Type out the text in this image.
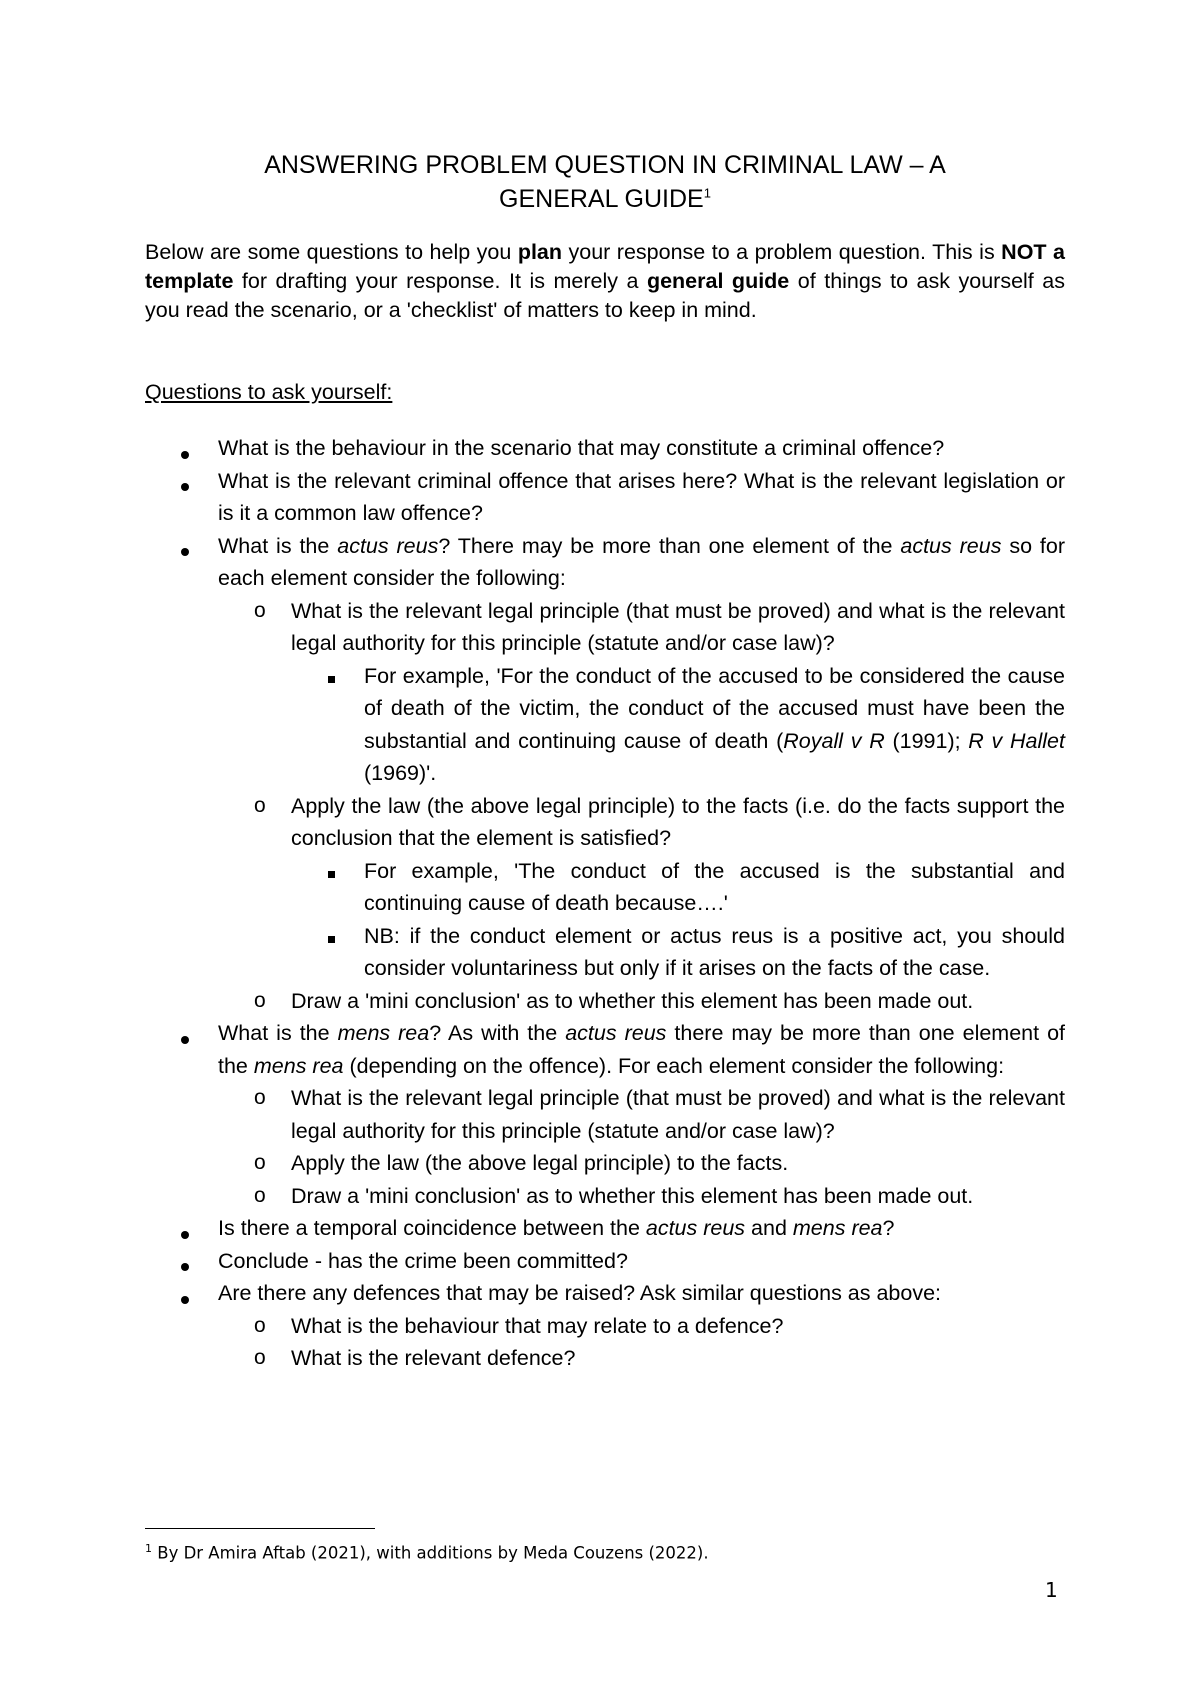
ANSWERING PROBLEM QUESTION IN CRIMINAL LAW – A
GENERAL GUIDE$^1$
Below are some questions to help you plan your response to a problem question. This is NOT a template for drafting your response. It is merely a general guide of things to ask yourself as you read the scenario, or a 'checklist' of matters to keep in mind.
Questions to ask yourself:
What is the behaviour in the scenario that may constitute a criminal offence?
What is the relevant criminal offence that arises here? What is the relevant legislation or is it a common law offence?
What is the actus reus? There may be more than one element of the actus reus so for each element consider the following:
o What is the relevant legal principle (that must be proved) and what is the relevant legal authority for this principle (statute and/or case law)?
For example, 'For the conduct of the accused to be considered the cause of death of the victim, the conduct of the accused must have been the substantial and continuing cause of death (Royall v R (1991); R v Hallet (1969)'.
o Apply the law (the above legal principle) to the facts (i.e. do the facts support the conclusion that the element is satisfied?
For example, 'The conduct of the accused is the substantial and continuing cause of death because….'
NB: if the conduct element or actus reus is a positive act, you should consider voluntariness but only if it arises on the facts of the case.
o Draw a 'mini conclusion' as to whether this element has been made out.
What is the mens rea? As with the actus reus there may be more than one element of the mens rea (depending on the offence). For each element consider the following:
o What is the relevant legal principle (that must be proved) and what is the relevant legal authority for this principle (statute and/or case law)?
o Apply the law (the above legal principle) to the facts.
o Draw a 'mini conclusion' as to whether this element has been made out.
Is there a temporal coincidence between the actus reus and mens rea?
Conclude - has the crime been committed?
Are there any defences that may be raised? Ask similar questions as above:
o What is the behaviour that may relate to a defence?
o What is the relevant defence?
$^1$ By Dr Amira Aftab (2021), with additions by Meda Couzens (2022).
1
